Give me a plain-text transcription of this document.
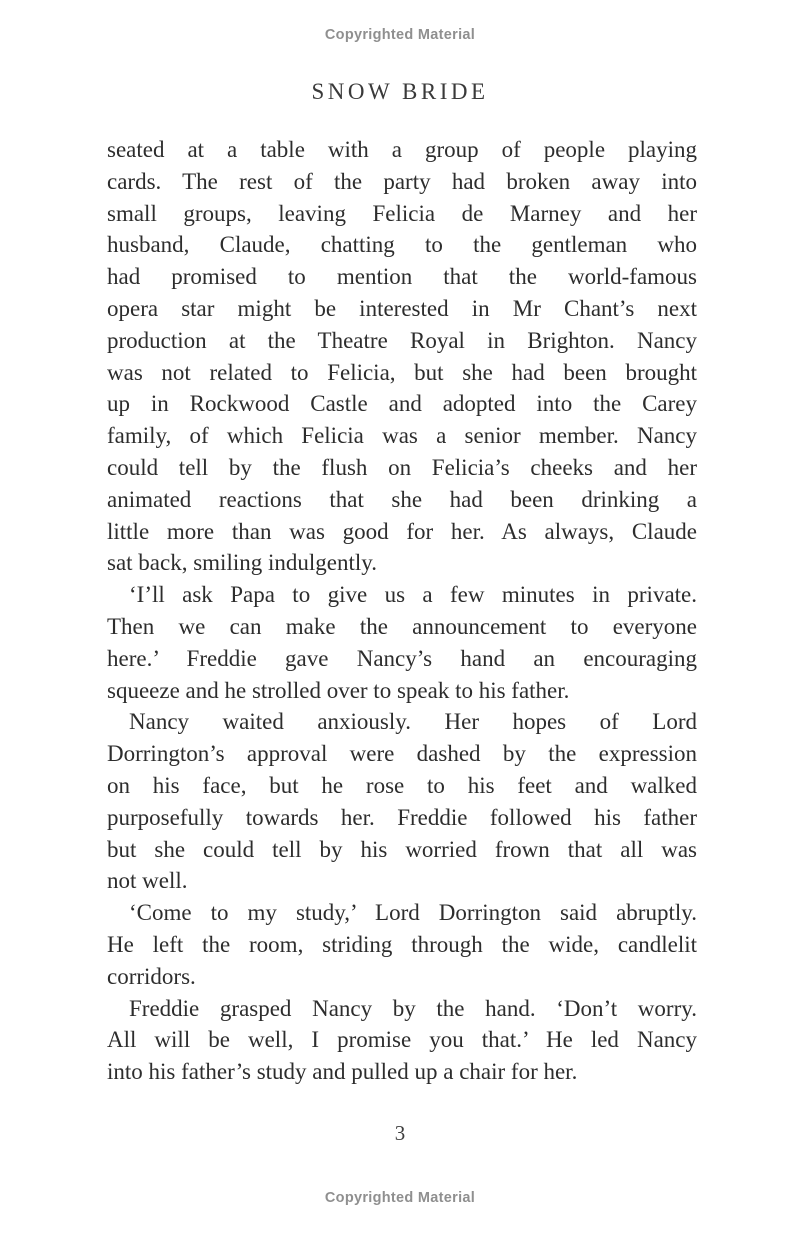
Copyrighted Material
SNOW BRIDE
seated at a table with a group of people playing
cards. The rest of the party had broken away into
small groups, leaving Felicia de Marney and her
husband, Claude, chatting to the gentleman who
had promised to mention that the world-famous
opera star might be interested in Mr Chant’s next
production at the Theatre Royal in Brighton. Nancy
was not related to Felicia, but she had been brought
up in Rockwood Castle and adopted into the Carey
family, of which Felicia was a senior member. Nancy
could tell by the flush on Felicia’s cheeks and her
animated reactions that she had been drinking a
little more than was good for her. As always, Claude
sat back, smiling indulgently.
‘I’ll ask Papa to give us a few minutes in private.
Then we can make the announcement to everyone
here.’ Freddie gave Nancy’s hand an encouraging
squeeze and he strolled over to speak to his father.
Nancy waited anxiously. Her hopes of Lord
Dorrington’s approval were dashed by the expression
on his face, but he rose to his feet and walked
purposefully towards her. Freddie followed his father
but she could tell by his worried frown that all was
not well.
‘Come to my study,’ Lord Dorrington said abruptly.
He left the room, striding through the wide, candlelit
corridors.
Freddie grasped Nancy by the hand. ‘Don’t worry.
All will be well, I promise you that.’ He led Nancy
into his father’s study and pulled up a chair for her.
3
Copyrighted Material
